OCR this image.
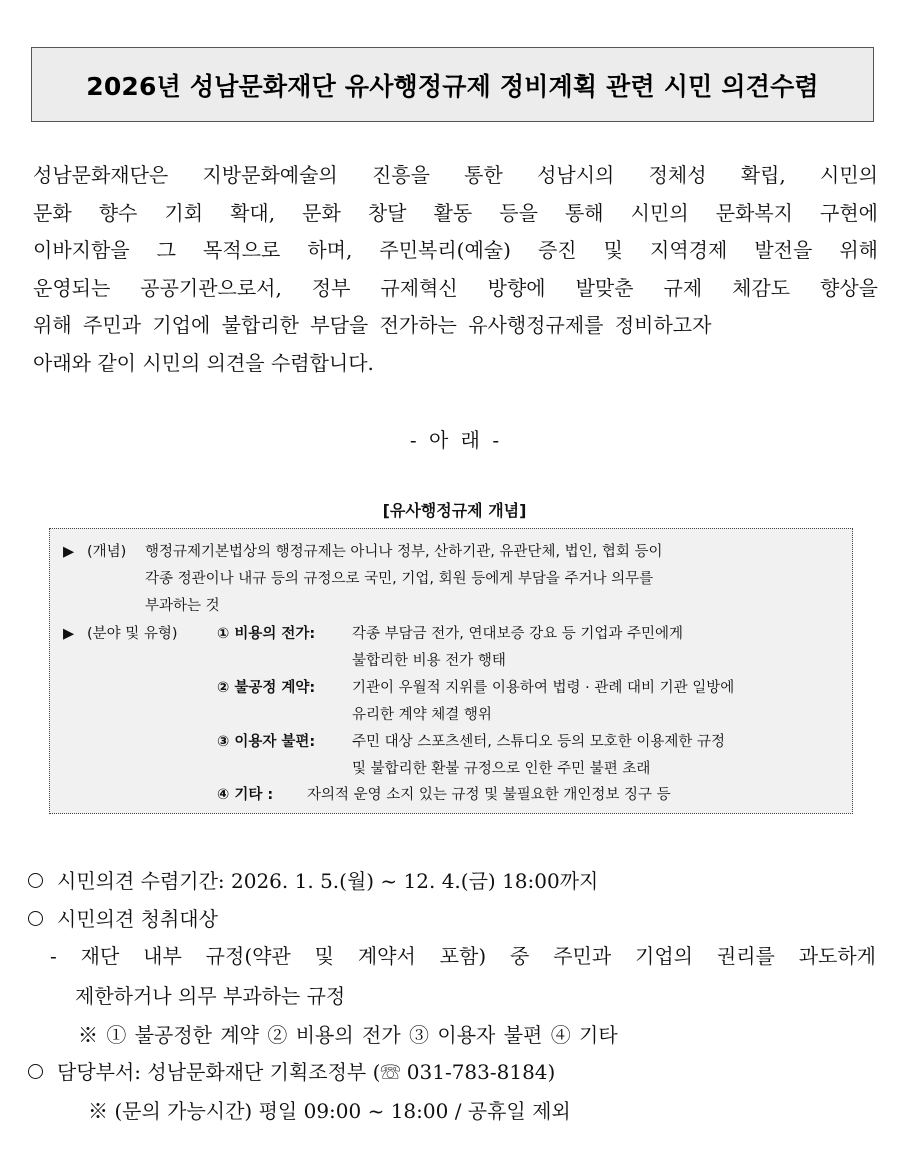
2026년 성남문화재단 유사행정규제 정비계획 관련 시민 의견수렴
성남문화재단은 지방문화예술의 진흥을 통한 성남시의 정체성 확립, 시민의
문화 향수 기회 확대, 문화 창달 활동 등을 통해 시민의 문화복지 구현에
이바지함을 그 목적으로 하며, 주민복리(예술) 증진 및 지역경제 발전을 위해
운영되는 공공기관으로서, 정부 규제혁신 방향에 발맞춘 규제 체감도 향상을
위해 주민과 기업에 불합리한 부담을 전가하는 유사행정규제를 정비하고자
아래와 같이 시민의 의견을 수렴합니다.
- 아 래 -
[유사행정규제 개념]
▶ (개념) 행정규제기본법상의 행정규제는 아니나 정부, 산하기관, 유관단체, 법인, 협회 등이
각종 정관이나 내규 등의 규정으로 국민, 기업, 회원 등에게 부담을 주거나 의무를
부과하는 것
▶ (분야 및 유형)	① 비용의 전가:	각종 부담금 전가, 연대보증 강요 등 기업과 주민에게
불합리한 비용 전가 행태
② 불공정 계약:	기관이 우월적 지위를 이용하여 법령 · 관례 대비 기관 일방에
유리한 계약 체결 행위
③ 이용자 불편:	주민 대상 스포츠센터, 스튜디오 등의 모호한 이용제한 규정
및 불합리한 환불 규정으로 인한 주민 불편 초래
④ 기타 : 자의적 운영 소지 있는 규정 및 불필요한 개인정보 징구 등
시민의견 수렴기간: 2026. 1. 5.(월) ~ 12. 4.(금) 18:00까지
시민의견 청취대상
- 재단 내부 규정(약관 및 계약서 포함) 중 주민과 기업의 권리를 과도하게
제한하거나 의무 부과하는 규정
※ ① 불공정한 계약 ② 비용의 전가 ③ 이용자 불편 ④ 기타
담당부서: 성남문화재단 기획조정부 (☏ 031-783-8184)
※ (문의 가능시간) 평일 09:00 ~ 18:00 / 공휴일 제외
